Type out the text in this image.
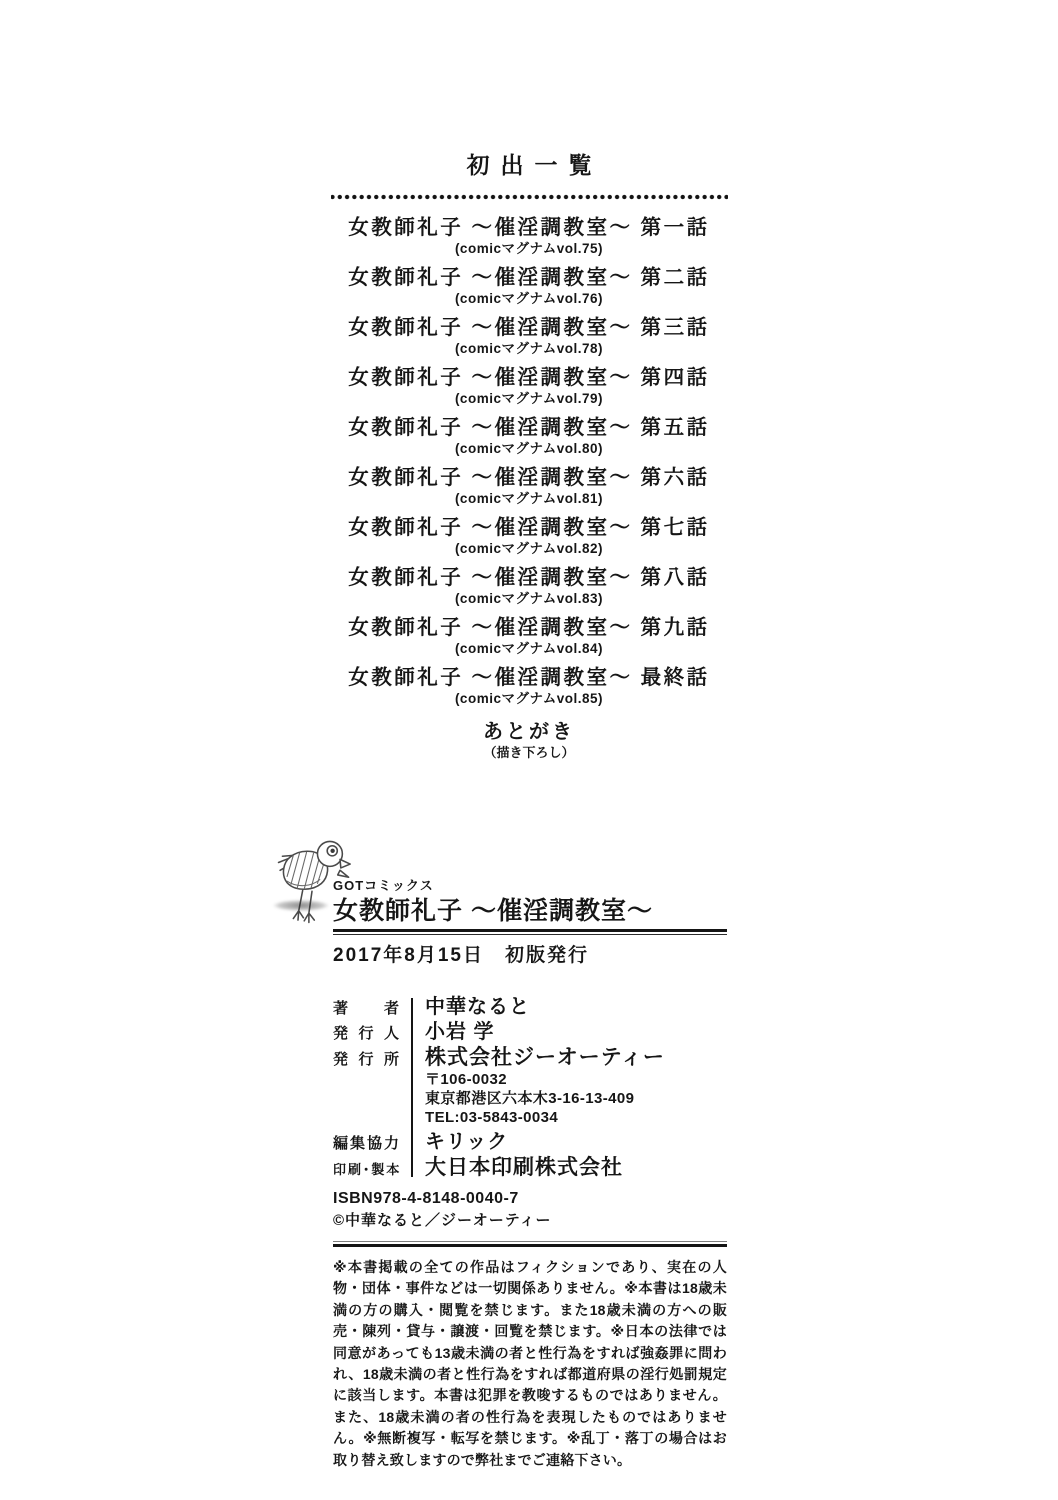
初出一覧
女教師礼子 ～催淫調教室～ 第一話
(comicマグナムvol.75)
女教師礼子 ～催淫調教室～ 第二話
(comicマグナムvol.76)
女教師礼子 ～催淫調教室～ 第三話
(comicマグナムvol.78)
女教師礼子 ～催淫調教室～ 第四話
(comicマグナムvol.79)
女教師礼子 ～催淫調教室～ 第五話
(comicマグナムvol.80)
女教師礼子 ～催淫調教室～ 第六話
(comicマグナムvol.81)
女教師礼子 ～催淫調教室～ 第七話
(comicマグナムvol.82)
女教師礼子 ～催淫調教室～ 第八話
(comicマグナムvol.83)
女教師礼子 ～催淫調教室～ 第九話
(comicマグナムvol.84)
女教師礼子 ～催淫調教室～ 最終話
(comicマグナムvol.85)
あとがき
（描き下ろし）
GOTコミックス
女教師礼子 ～催淫調教室～
2017年8月15日　初版発行
著者 中華なると
発行人 小岩 学
発行所 株式会社ジーオーティー
〒106-0032
東京都港区六本木3-16-13-409
TEL:03-5843-0034
編集協力 キリック
印刷･製本 大日本印刷株式会社
ISBN978-4-8148-0040-7
©中華なると／ジーオーティー
※本書掲載の全ての作品はフィクションであり、実在の人物・団体・事件などは一切関係ありません。※本書は18歳未満の方の購入・閲覧を禁じます。また18歳未満の方への販売・陳列・貸与・譲渡・回覧を禁じます。※日本の法律では同意があっても13歳未満の者と性行為をすれば強姦罪に問われ、18歳未満の者と性行為をすれば都道府県の淫行処罰規定に該当します。本書は犯罪を教唆するものではありません。また、18歳未満の者の性行為を表現したものではありません。※無断複写・転写を禁じます。※乱丁・落丁の場合はお取り替え致しますので弊社までご連絡下さい。
